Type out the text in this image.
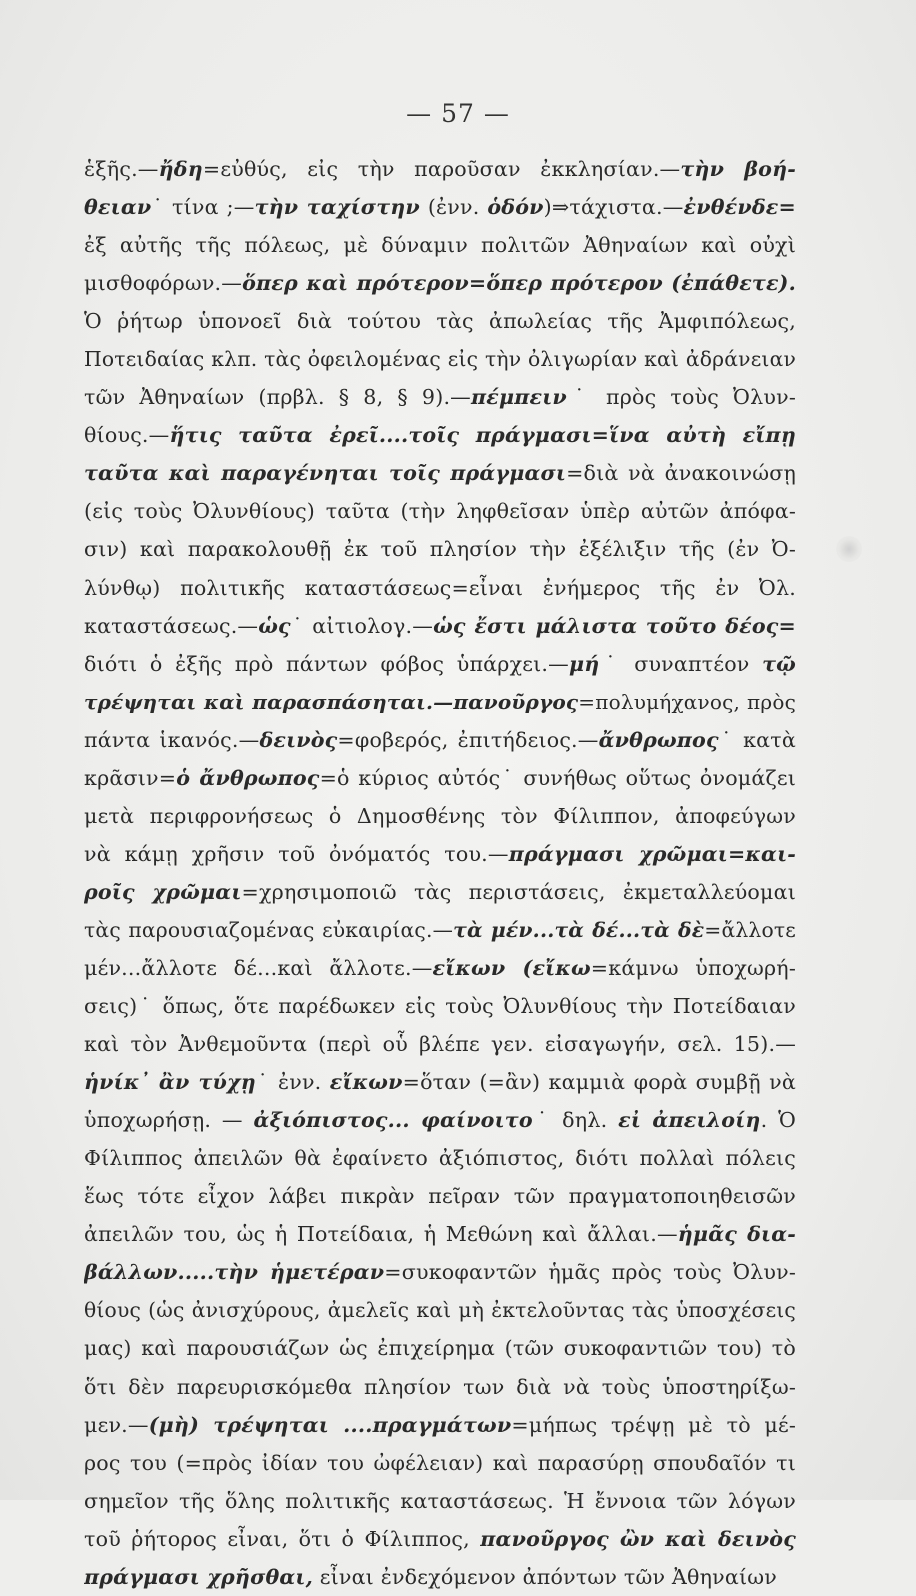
— 57 —
ἑξῆς.—ἤδη=εὐθύς, εἰς τὴν παροῦσαν ἐκκλησίαν.—τὴν βοή-
θειαν˙ τίνα ;—τὴν ταχίστην (ἐνν. ὁδόν)⇒τάχιστα.—ἐνθένδε=
ἐξ αὐτῆς τῆς πόλεως, μὲ δύναμιν πολιτῶν Ἀθηναίων καὶ οὐχὶ
μισθοφόρων.—ὅπερ καὶ πρότερον=ὅπερ πρότερον (ἐπάθετε).
Ὁ ῥήτωρ ὑπονοεῖ διὰ τούτου τὰς ἀπωλείας τῆς Ἀμφιπόλεως,
Ποτειδαίας κλπ. τὰς ὀφειλομένας εἰς τὴν ὀλιγωρίαν καὶ ἀδράνειαν
τῶν Ἀθηναίων (πρβλ. § 8, § 9).—πέμπειν˙ πρὸς τοὺς Ὀλυν-
θίους.—ἥτις ταῦτα ἐρεῖ....τοῖς πράγμασι=ἵνα αὐτὴ εἴπῃ
ταῦτα καὶ παραγένηται τοῖς πράγμασι=διὰ νὰ ἀνακοινώσῃ
(εἰς τοὺς Ὀλυνθίους) ταῦτα (τὴν ληφθεῖσαν ὑπὲρ αὐτῶν ἀπόφα-
σιν) καὶ παρακολουθῇ ἐκ τοῦ πλησίον τὴν ἐξέλιξιν τῆς (ἐν Ὀ-
λύνθῳ) πολιτικῆς καταστάσεως=εἶναι ἐνήμερος τῆς ἐν Ὀλ.
καταστάσεως.—ὡς˙ αἰτιολογ.—ὡς ἔστι μάλιστα τοῦτο δέος=
διότι ὁ ἐξῆς πρὸ πάντων φόβος ὑπάρχει.—μή˙ συναπτέον τῷ
τρέψηται καὶ παρασπάσηται.—πανοῦργος=πολυμήχανος, πρὸς
πάντα ἱκανός.—δεινὸς=φοβερός, ἐπιτήδειος.—ἄνθρωπος˙ κατὰ
κρᾶσιν=ὁ ἄνθρωπος=ὁ κύριος αὐτός˙ συνήθως οὕτως ὀνομάζει
μετὰ περιφρονήσεως ὁ Δημοσθένης τὸν Φίλιππον, ἀποφεύγων
νὰ κάμῃ χρῆσιν τοῦ ὀνόματός του.—πράγμασι χρῶμαι=και-
ροῖς χρῶμαι=χρησιμοποιῶ τὰς περιστάσεις, ἐκμεταλλεύομαι
τὰς παρουσιαζομένας εὐκαιρίας.—τὰ μέν...τὰ δέ...τὰ δὲ=ἄλλοτε
μέν...ἄλλοτε δέ...καὶ ἄλλοτε.—εἴκων (εἴκω=κάμνω ὑποχωρή-
σεις)˙ ὅπως, ὅτε παρέδωκεν εἰς τοὺς Ὀλυνθίους τὴν Ποτείδαιαν
καὶ τὸν Ἀνθεμοῦντα (περὶ οὗ βλέπε γεν. εἰσαγωγήν, σελ. 15).—
ἡνίκ᾽ ἂν τύχῃ˙ ἐνν. εἴκων=ὅταν (=ἂν) καμμιὰ φορὰ συμβῇ νὰ
ὑποχωρήσῃ. — ἀξιόπιστος... φαίνοιτο˙ δηλ. εἰ ἀπειλοίη. Ὁ
Φίλιππος ἀπειλῶν θὰ ἐφαίνετο ἀξιόπιστος, διότι πολλαὶ πόλεις
ἕως τότε εἶχον λάβει πικρὰν πεῖραν τῶν πραγματοποιηθεισῶν
ἀπειλῶν του, ὡς ἡ Ποτείδαια, ἡ Μεθώνη καὶ ἄλλαι.—ἡμᾶς δια-
βάλλων.....τὴν ἡμετέραν=συκοφαντῶν ἡμᾶς πρὸς τοὺς Ὀλυν-
θίους (ὡς ἀνισχύρους, ἀμελεῖς καὶ μὴ ἐκτελοῦντας τὰς ὑποσχέσεις
μας) καὶ παρουσιάζων ὡς ἐπιχείρημα (τῶν συκοφαντιῶν του) τὸ
ὅτι δὲν παρευρισκόμεθα πλησίον των διὰ νὰ τοὺς ὑποστηρίξω-
μεν.—(μὴ) τρέψηται ....πραγμάτων=μήπως τρέψῃ μὲ τὸ μέ-
ρος του (=πρὸς ἰδίαν του ὠφέλειαν) καὶ παρασύρῃ σπουδαῖόν τι
σημεῖον τῆς ὅλης πολιτικῆς καταστάσεως. Ἡ ἔννοια τῶν λόγων
τοῦ ῥήτορος εἶναι, ὅτι ὁ Φίλιππος, πανοῦργος ὢν καὶ δεινὸς
πράγμασι χρῆσθαι, εἶναι ἐνδεχόμενον ἀπόντων τῶν Ἀθηναίων
